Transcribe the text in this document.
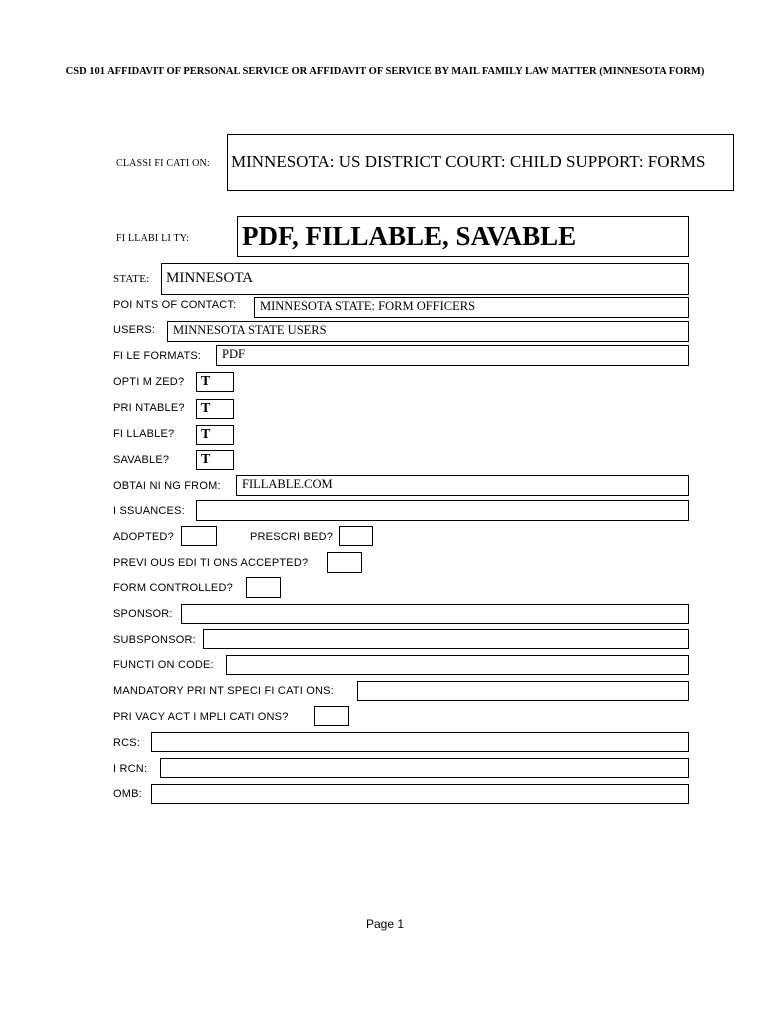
CSD 101 AFFIDAVIT OF PERSONAL SERVICE OR AFFIDAVIT OF SERVICE BY MAIL FAMILY LAW MATTER (MINNESOTA FORM)
CLASSI FI CATI ON: MINNESOTA: US DISTRICT COURT: CHILD SUPPORT: FORMS
FI LLABI LI TY: PDF, FILLABLE, SAVABLE
STATE:	MINNESOTA
POI NTS OF CONTACT:	MINNESOTA STATE: FORM OFFICERS
USERS:	MINNESOTA STATE USERS
FI LE FORMATS:	PDF
OPTI M ZED?	T
PRI NTABLE?	T
FI LLABLE?	T
SAVABLE?	T
OBTAI NI NG FROM:	FILLABLE.COM
I SSUANCES:
ADOPTED?	PRESCRI BED?
PREVI OUS EDI TI ONS ACCEPTED?
FORM CONTROLLED?
SPONSOR:
SUBSPONSOR:
FUNCTI ON CODE:
MANDATORY PRI NT SPECI FI CATI ONS:
PRI VACY ACT I MPLI CATI ONS?
RCS:
I RCN:
OMB:
Page 1
